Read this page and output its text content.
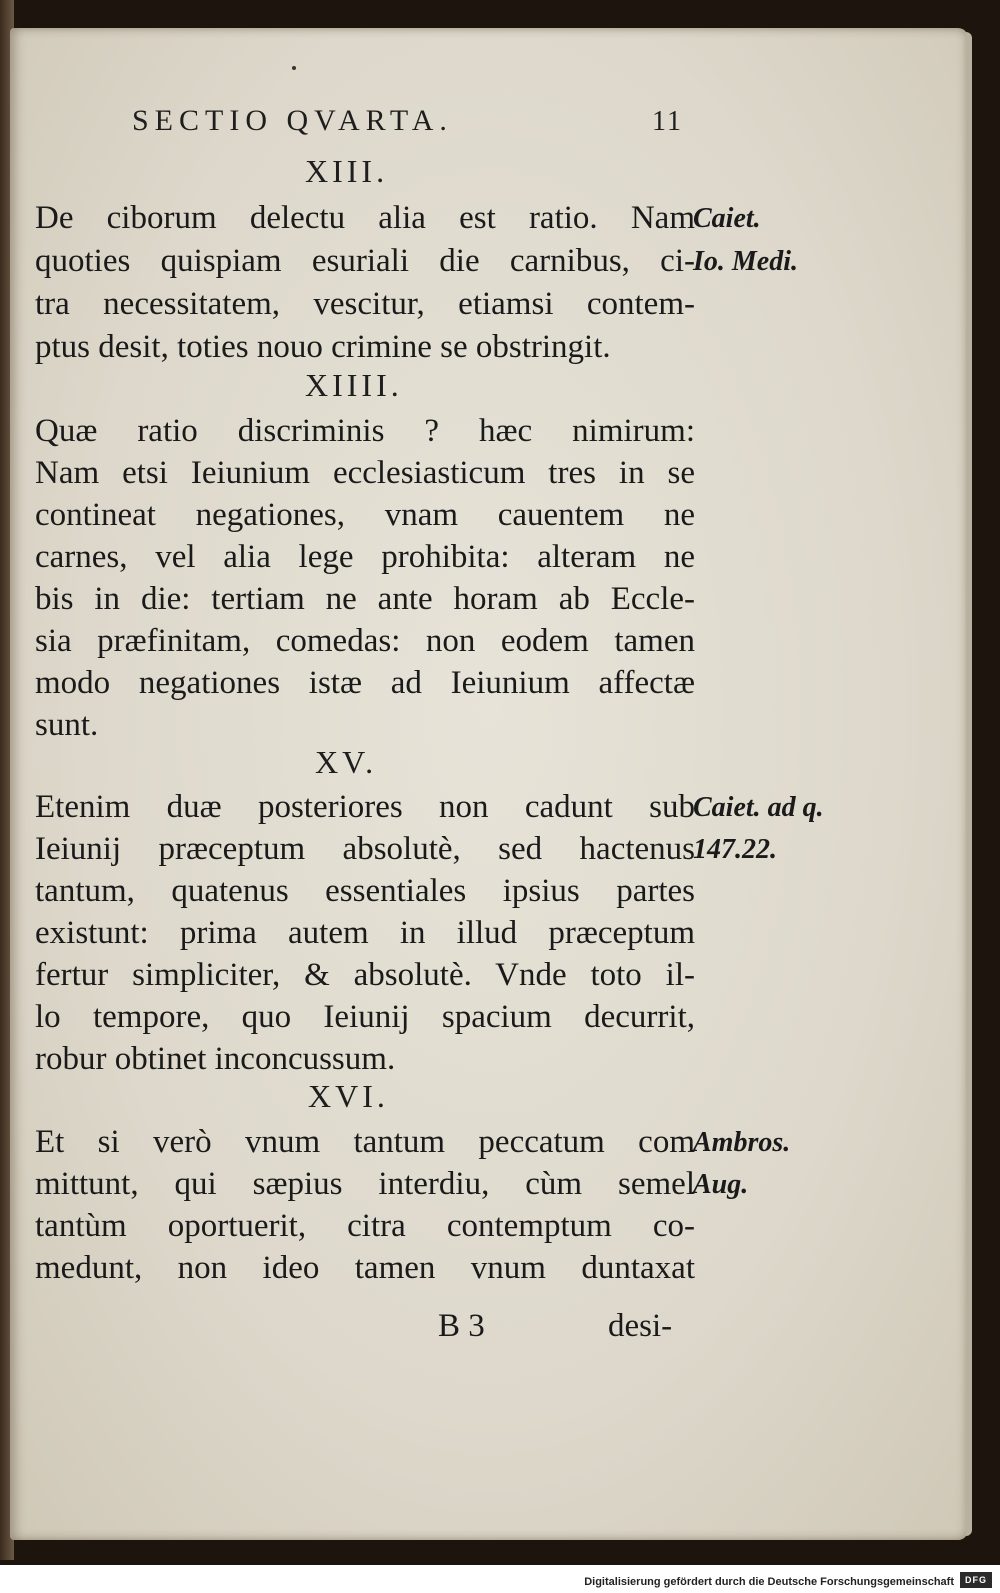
SECTIO QVARTA.	11
XIII.
De ciborum delectu alia est ratio. Nam
quoties quispiam esuriali die carnibus, ci-
tra necessitatem, vescitur, etiamsi contem-
ptus desit, toties nouo crimine se obstringit.
Caiet.
Io. Medi.
XIIII.
Quæ ratio discriminis ? hæc nimirum:
Nam etsi Ieiunium ecclesiasticum tres in se
contineat negationes, vnam cauentem ne
carnes, vel alia lege prohibita: alteram ne
bis in die: tertiam ne ante horam ab Eccle-
sia præfinitam, comedas: non eodem tamen
modo negationes istæ ad Ieiunium affectæ
sunt.
XV.
Etenim duæ posteriores non cadunt sub
Ieiunij præceptum absolutè, sed hactenus
tantum, quatenus essentiales ipsius partes
existunt: prima autem in illud præceptum
fertur simpliciter, & absolutè. Vnde toto il-
lo tempore, quo Ieiunij spacium decurrit,
robur obtinet inconcussum.
Caiet. ad q.
147.22.
XVI.
Et si verò vnum tantum peccatum com
mittunt, qui sæpius interdiu, cùm semel
tantùm oportuerit, citra contemptum co-
medunt, non ideo tamen vnum duntaxat
Ambros.
Aug.
B 3	desi-
Digitalisierung gefördert durch die Deutsche Forschungsgemeinschaft	DFG
